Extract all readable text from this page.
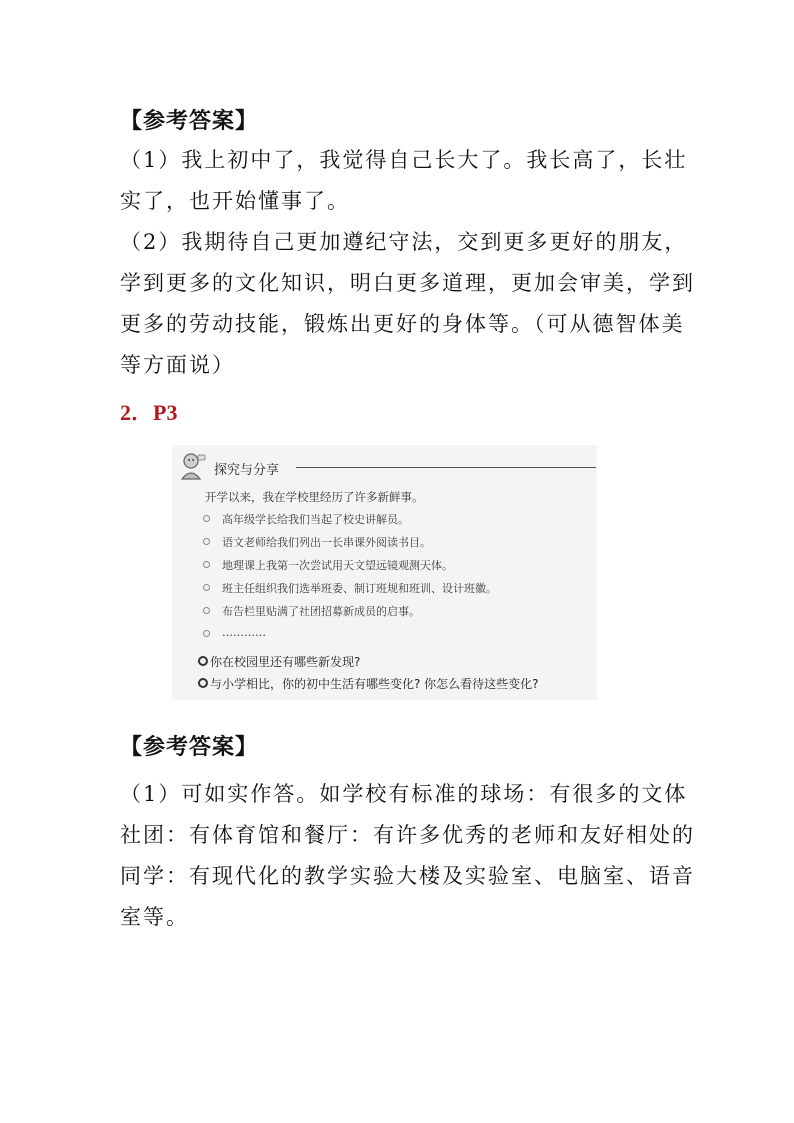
【参考答案】
（1）我上初中了，我觉得自己长大了。我长高了，长壮
实了，也开始懂事了。
（2）我期待自己更加遵纪守法，交到更多更好的朋友，
学到更多的文化知识，明白更多道理，更加会审美，学到
更多的劳动技能，锻炼出更好的身体等。（可从德智体美
等方面说）
2．P3
探究与分享
开学以来，我在学校里经历了许多新鲜事。
高年级学长给我们当起了校史讲解员。
语文老师给我们列出一长串课外阅读书目。
地理课上我第一次尝试用天文望远镜观测天体。
班主任组织我们选举班委、制订班规和班训、设计班徽。
布告栏里贴满了社团招募新成员的启事。
…………
你在校园里还有哪些新发现?
与小学相比，你的初中生活有哪些变化? 你怎么看待这些变化?
【参考答案】
（1）可如实作答。如学校有标准的球场：有很多的文体
社团：有体育馆和餐厅：有许多优秀的老师和友好相处的
同学：有现代化的教学实验大楼及实验室、电脑室、语音
室等。
